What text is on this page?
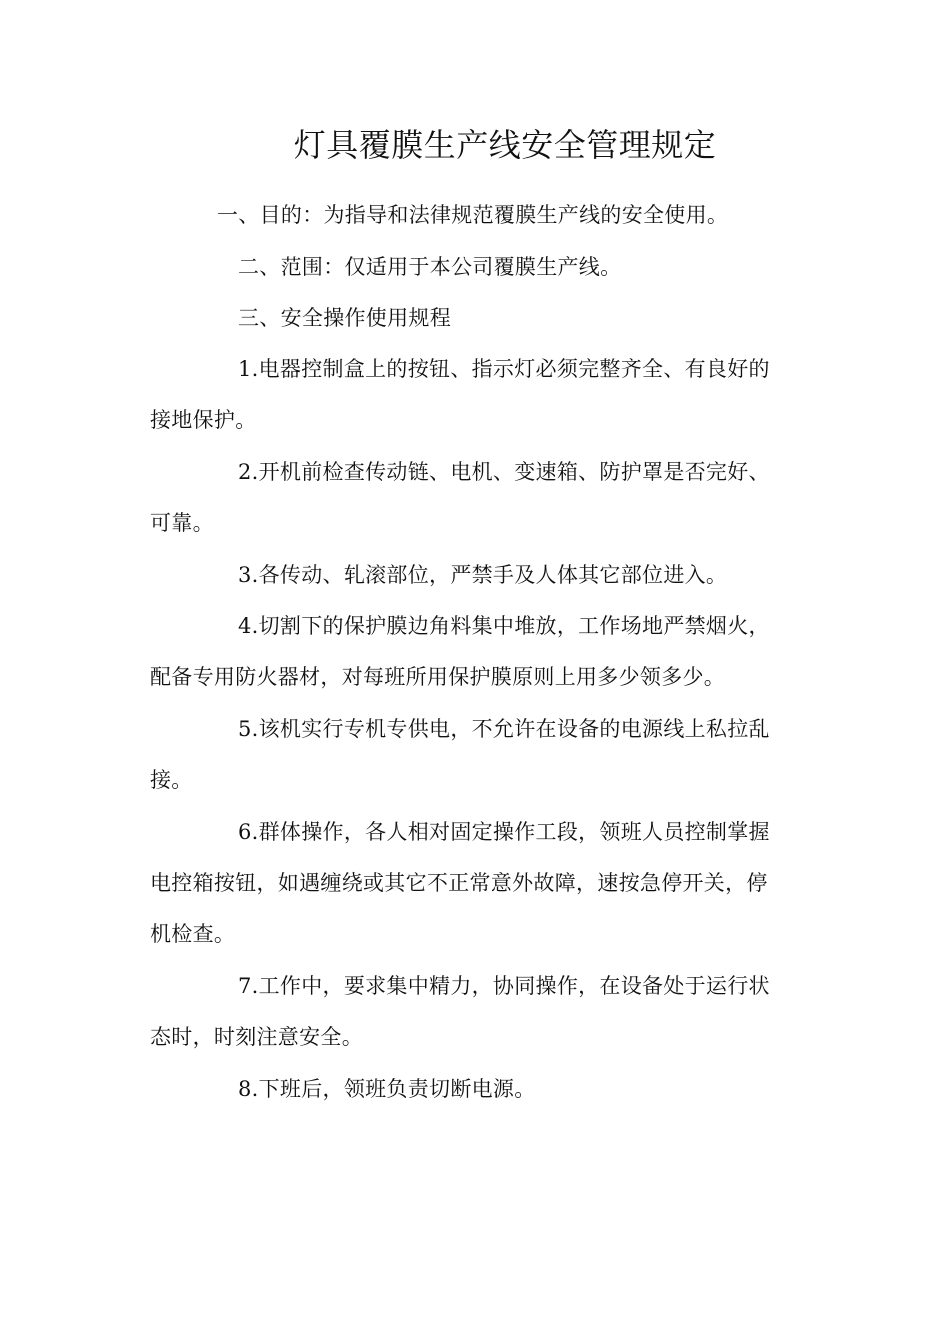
灯具覆膜生产线安全管理规定
一、目的：为指导和法律规范覆膜生产线的安全使用。
二、范围：仅适用于本公司覆膜生产线。
三、安全操作使用规程
1.电器控制盒上的按钮、指示灯必须完整齐全、有良好的
接地保护。
2.开机前检查传动链、电机、变速箱、防护罩是否完好、
可靠。
3.各传动、轧滚部位，严禁手及人体其它部位进入。
4.切割下的保护膜边角料集中堆放，工作场地严禁烟火，
配备专用防火器材，对每班所用保护膜原则上用多少领多少。
5.该机实行专机专供电，不允许在设备的电源线上私拉乱
接。
6.群体操作，各人相对固定操作工段，领班人员控制掌握
电控箱按钮，如遇缠绕或其它不正常意外故障，速按急停开关，停
机检查。
7.工作中，要求集中精力，协同操作，在设备处于运行状
态时，时刻注意安全。
8.下班后，领班负责切断电源。
